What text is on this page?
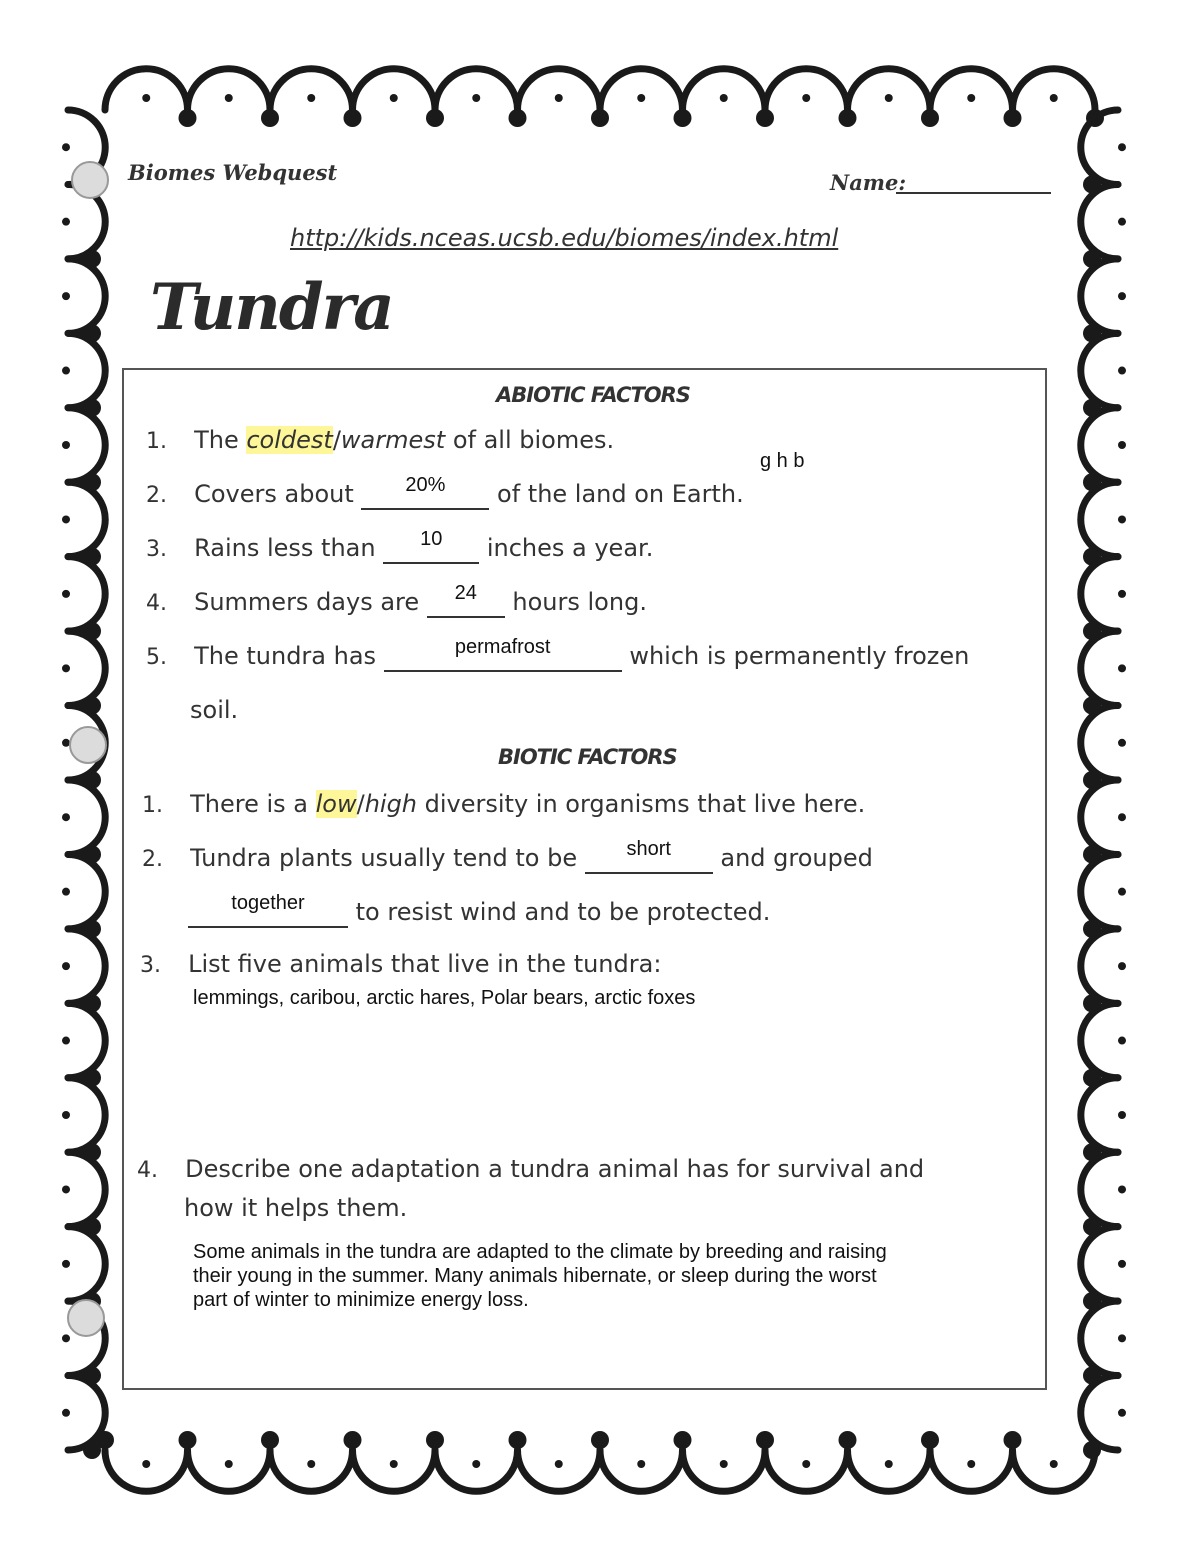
Biomes Webquest	Name:
http://kids.nceas.ucsb.edu/biomes/index.html
Tundra
ABIOTIC FACTORS
1. The coldest/warmest of all biomes.
g h b
2. Covers about	20%	of the land on Earth.
3. Rains less than	10	inches a year.
4. Summers days are	24	hours long.
5. The tundra has	permafrost	which is permanently frozen
soil.
BIOTIC FACTORS
1. There is a low/high diversity in organisms that live here.
2. Tundra plants usually tend to be	short	and grouped
together	to resist wind and to be protected.
3. List five animals that live in the tundra:
lemmings, caribou, arctic hares, Polar bears, arctic foxes
4. Describe one adaptation a tundra animal has for survival and
how it helps them.
Some animals in the tundra are adapted to the climate by breeding and raising their young in the summer. Many animals hibernate, or sleep during the worst part of winter to minimize energy loss.
